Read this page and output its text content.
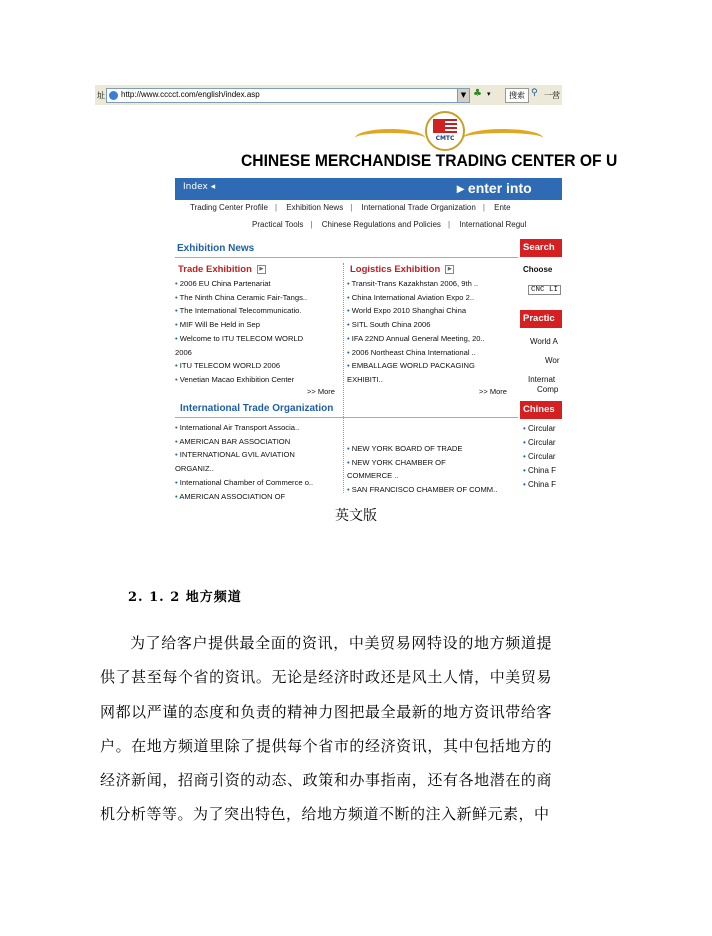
址 http://www.cccct.com/english/index.asp	▼ ♣ ▾	搜索 ⚲ 一营
CMTC
CHINESE MERCHANDISE TRADING CENTER OF U
Index ◂	▸ enter into
Trading Center Profile | Exhibition News | International Trade Organization | Ente
Practical Tools | Chinese Regulations and Policies | International Regul
Exhibition News
Trade Exhibition ▶
• 2006 EU China Partenariat
• The Ninth China Ceramic Fair-Tangs..
• The International Telecommunicatio.
• MIF Will Be Held in Sep
• Welcome to ITU TELECOM WORLD
2006
• ITU TELECOM WORLD 2006
• Venetian Macao Exhibition Center
>> More
Logistics Exhibition ▶
• Transit-Trans Kazakhstan 2006, 9th ..
• China International Aviation Expo 2..
• World Expo 2010 Shanghai China
• SITL South China 2006
• IFA 22ND Annual General Meeting, 20..
• 2006 Northeast China International ..
• EMBALLAGE WORLD PACKAGING
EXHIBITI..
>> More
International Trade Organization
• International Air Transport Associa..
• AMERICAN BAR ASSOCIATION
• INTERNATIONAL GVIL AVIATION
ORGANIZ..
• International Chamber of Commerce o..
• AMERICAN ASSOCIATION OF
• NEW YORK BOARD OF TRADE
• NEW YORK CHAMBER OF
COMMERCE ..
• SAN FRANCISCO CHAMBER OF COMM..
Search
Choose
CNC LI
Practic
World A
Wor
Internat
Comp
Chines
• Circular
• Circular
• Circular
• China F
• China F
英文版
2. 1. 2 地方频道

为了给客户提供最全面的资讯，中美贸易网特设的地方频道提供了甚至每个省的资讯。无论是经济时政还是风土人情，中美贸易网都以严谨的态度和负责的精神力图把最全最新的地方资讯带给客户。在地方频道里除了提供每个省市的经济资讯，其中包括地方的经济新闻，招商引资的动态、政策和办事指南，还有各地潜在的商机分析等等。为了突出特色，给地方频道不断的注入新鲜元素，中
